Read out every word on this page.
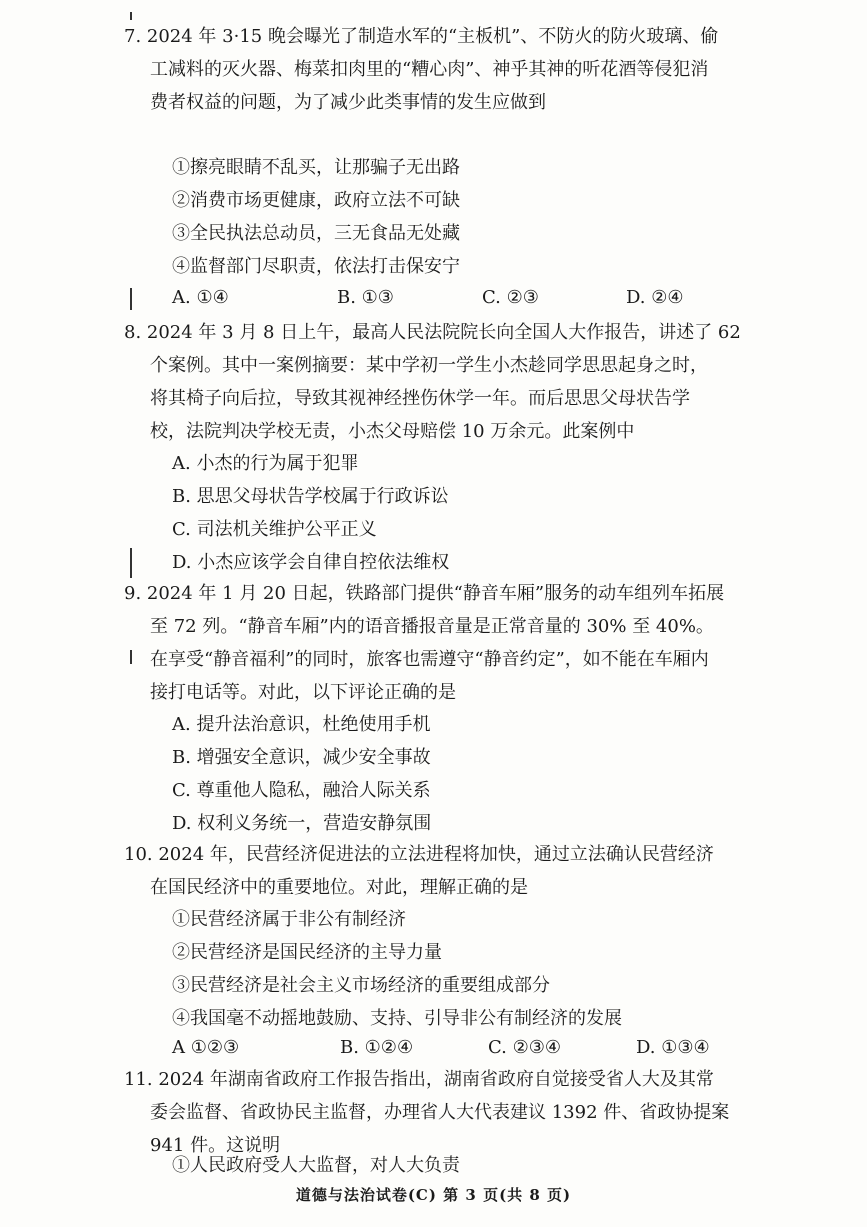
7. 2024 年 3·15 晚会曝光了制造水军的“主板机”、不防火的防火玻璃、偷
工减料的灭火器、梅菜扣肉里的“糟心肉”、神乎其神的听花酒等侵犯消
费者权益的问题，为了减少此类事情的发生应做到
①擦亮眼睛不乱买，让那骗子无出路
②消费市场更健康，政府立法不可缺
③全民执法总动员，三无食品无处藏
④监督部门尽职责，依法打击保安宁
A. ①④	B. ①③	C. ②③	D. ②④
8. 2024 年 3 月 8 日上午，最高人民法院院长向全国人大作报告，讲述了 62
个案例。其中一案例摘要：某中学初一学生小杰趁同学思思起身之时，
将其椅子向后拉，导致其视神经挫伤休学一年。而后思思父母状告学
校，法院判决学校无责，小杰父母赔偿 10 万余元。此案例中
A. 小杰的行为属于犯罪
B. 思思父母状告学校属于行政诉讼
C. 司法机关维护公平正义
D. 小杰应该学会自律自控依法维权
9. 2024 年 1 月 20 日起，铁路部门提供“静音车厢”服务的动车组列车拓展
至 72 列。“静音车厢”内的语音播报音量是正常音量的 30% 至 40%。
在享受“静音福利”的同时，旅客也需遵守“静音约定”，如不能在车厢内
接打电话等。对此，以下评论正确的是
A. 提升法治意识，杜绝使用手机
B. 增强安全意识，减少安全事故
C. 尊重他人隐私，融洽人际关系
D. 权利义务统一，营造安静氛围
10. 2024 年，民营经济促进法的立法进程将加快，通过立法确认民营经济
在国民经济中的重要地位。对此，理解正确的是
①民营经济属于非公有制经济
②民营经济是国民经济的主导力量
③民营经济是社会主义市场经济的重要组成部分
④我国毫不动摇地鼓励、支持、引导非公有制经济的发展
A ①②③	B. ①②④	C. ②③④	D. ①③④
11. 2024 年湖南省政府工作报告指出，湖南省政府自觉接受省人大及其常
委会监督、省政协民主监督，办理省人大代表建议 1392 件、省政协提案
941 件。这说明
①人民政府受人大监督，对人大负责
道德与法治试卷(C) 第 3 页(共 8 页)
